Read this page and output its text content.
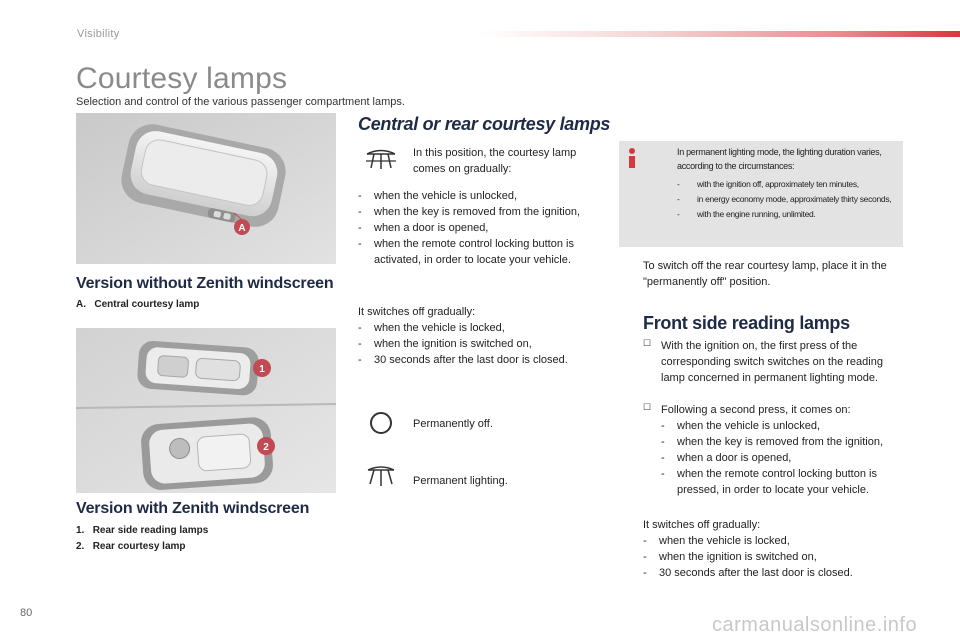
Visibility
Courtesy lamps
Selection and control of the various passenger compartment lamps.
A
Version without Zenith windscreen
A. Central courtesy lamp
1
2
Version with Zenith windscreen
1. Rear side reading lamps
2. Rear courtesy lamp
Central or rear courtesy lamps
In this position, the courtesy lamp comes on gradually:
- when the vehicle is unlocked,
- when the key is removed from the ignition,
- when a door is opened,
- when the remote control locking button is activated, in order to locate your vehicle.
It switches off gradually:
- when the vehicle is locked,
- when the ignition is switched on,
- 30 seconds after the last door is closed.
Permanently off.
Permanent lighting.
In permanent lighting mode, the lighting duration varies, according to the circumstances:
- with the ignition off, approximately ten minutes,
- in energy economy mode, approximately thirty seconds,
- with the engine running, unlimited.
To switch off the rear courtesy lamp, place it in the "permanently off" position.
Front side reading lamps
☐ With the ignition on, the first press of the corresponding switch switches on the reading lamp concerned in permanent lighting mode.
☐ Following a second press, it comes on:
- when the vehicle is unlocked,
- when the key is removed from the ignition,
- when a door is opened,
- when the remote control locking button is pressed, in order to locate your vehicle.
It switches off gradually:
- when the vehicle is locked,
- when the ignition is switched on,
- 30 seconds after the last door is closed.
80
carmanualsonline.info
